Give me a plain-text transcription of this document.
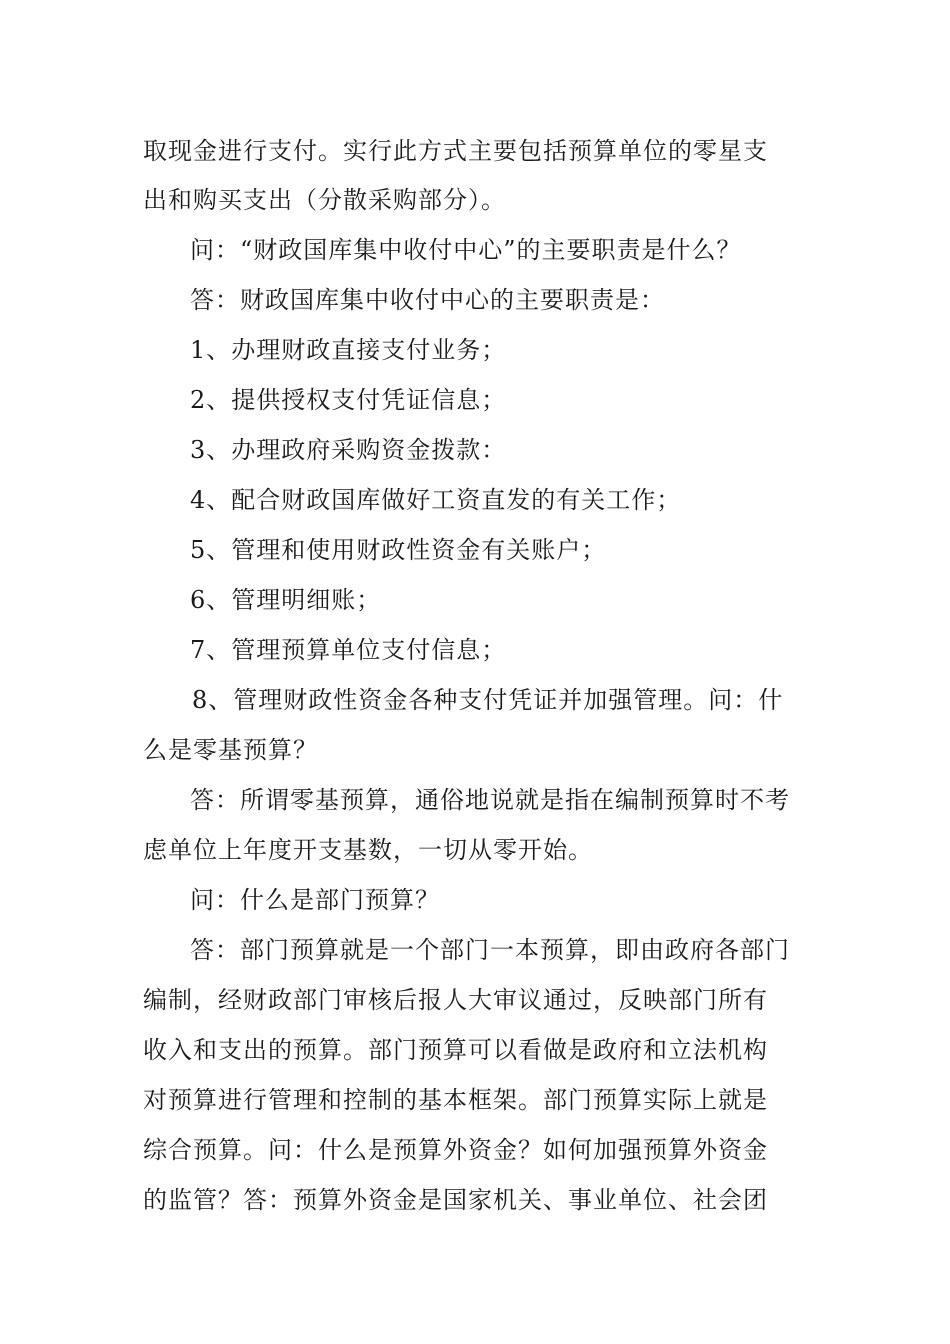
取现金进行支付。实行此方式主要包括预算单位的零星支
出和购买支出（分散采购部分）。
问：“财政国库集中收付中心”的主要职责是什么？
答：财政国库集中收付中心的主要职责是：
1、办理财政直接支付业务；
2、提供授权支付凭证信息；
3、办理政府采购资金拨款：
4、配合财政国库做好工资直发的有关工作；
5、管理和使用财政性资金有关账户；
6、管理明细账；
7、管理预算单位支付信息；
8、管理财政性资金各种支付凭证并加强管理。问：什
么是零基预算？
答：所谓零基预算，通俗地说就是指在编制预算时不考
虑单位上年度开支基数，一切从零开始。
问：什么是部门预算？
答：部门预算就是一个部门一本预算，即由政府各部门
编制，经财政部门审核后报人大审议通过，反映部门所有
收入和支出的预算。部门预算可以看做是政府和立法机构
对预算进行管理和控制的基本框架。部门预算实际上就是
综合预算。问：什么是预算外资金？如何加强预算外资金
的监管？答：预算外资金是国家机关、事业单位、社会团
